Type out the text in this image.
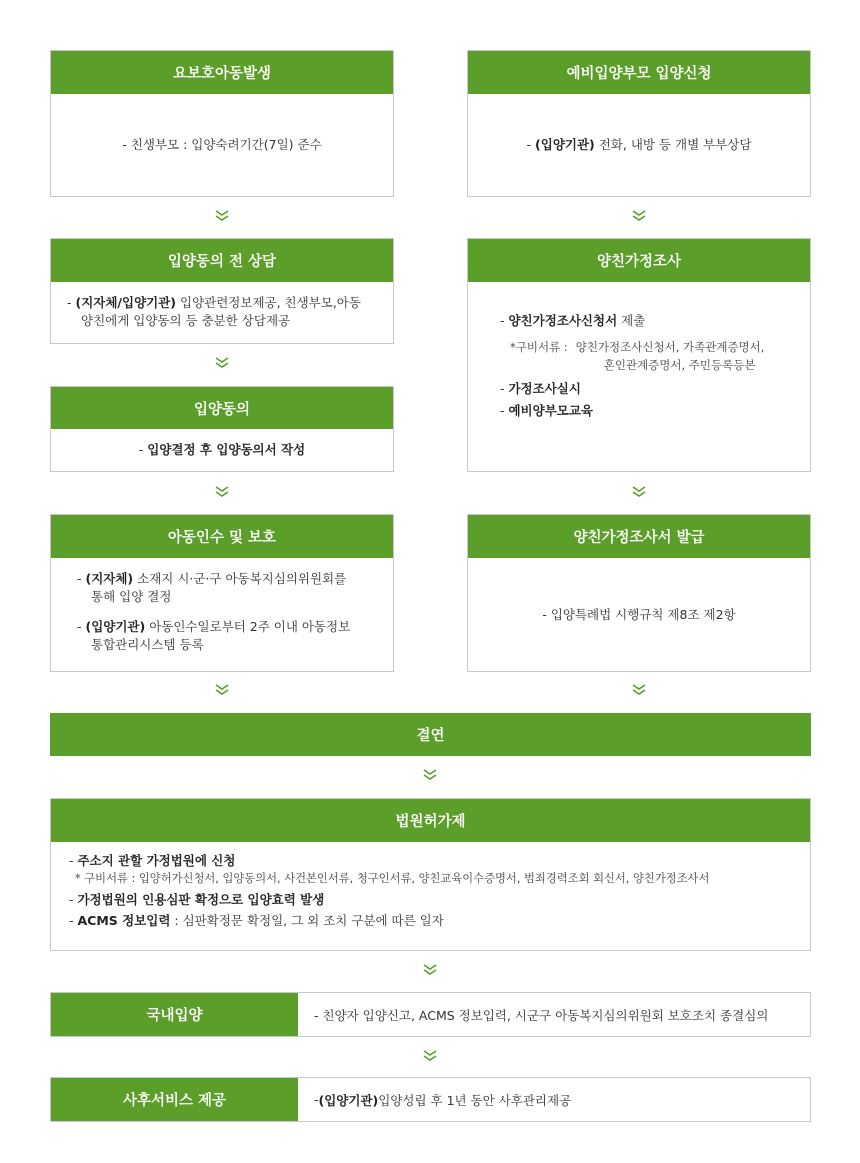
요보호아동발생
- 친생부모 : 입양숙려기간(7일) 준수
예비입양부모 입양신청
- (입양기관) 전화, 내방 등 개별 부부상담
입양동의 전 상담
- (지자체/입양기관) 입양관련정보제공, 친생부모,아동
양친에게 입양동의 등 충분한 상담제공
양친가정조사
- 양친가정조사신청서 제출
*구비서류 : 양친가정조사신청서, 가족관계증명서,
혼인관계증명서, 주민등록등본
- 가정조사실시
- 예비양부모교육
입양동의
- 입양결정 후 입양동의서 작성
아동인수 및 보호
- (지자체) 소재지 시·군·구 아동복지심의위원회를
통해 입양 결정
- (입양기관) 아동인수일로부터 2주 이내 아동정보
통합관리시스템 등록
양친가정조사서 발급
- 입양특례법 시행규칙 제8조 제2항
결연
법원허가제
- 주소지 관할 가정법원에 신청
* 구비서류 : 입양허가신청서, 입양동의서, 사건본인서류, 청구인서류, 양친교육이수증명서, 범죄경력조회 회신서, 양친가정조사서
- 가정법원의 인용심판 확정으로 입양효력 발생
- ACMS 정보입력 : 심판확정문 확정일, 그 외 조치 구분에 따른 일자
국내입양	- 친양자 입양신고, ACMS 정보입력, 시군구 아동복지심의위원회 보호조치 종결심의
사후서비스 제공	- (입양기관) 입양성립 후 1년 동안 사후관리제공
